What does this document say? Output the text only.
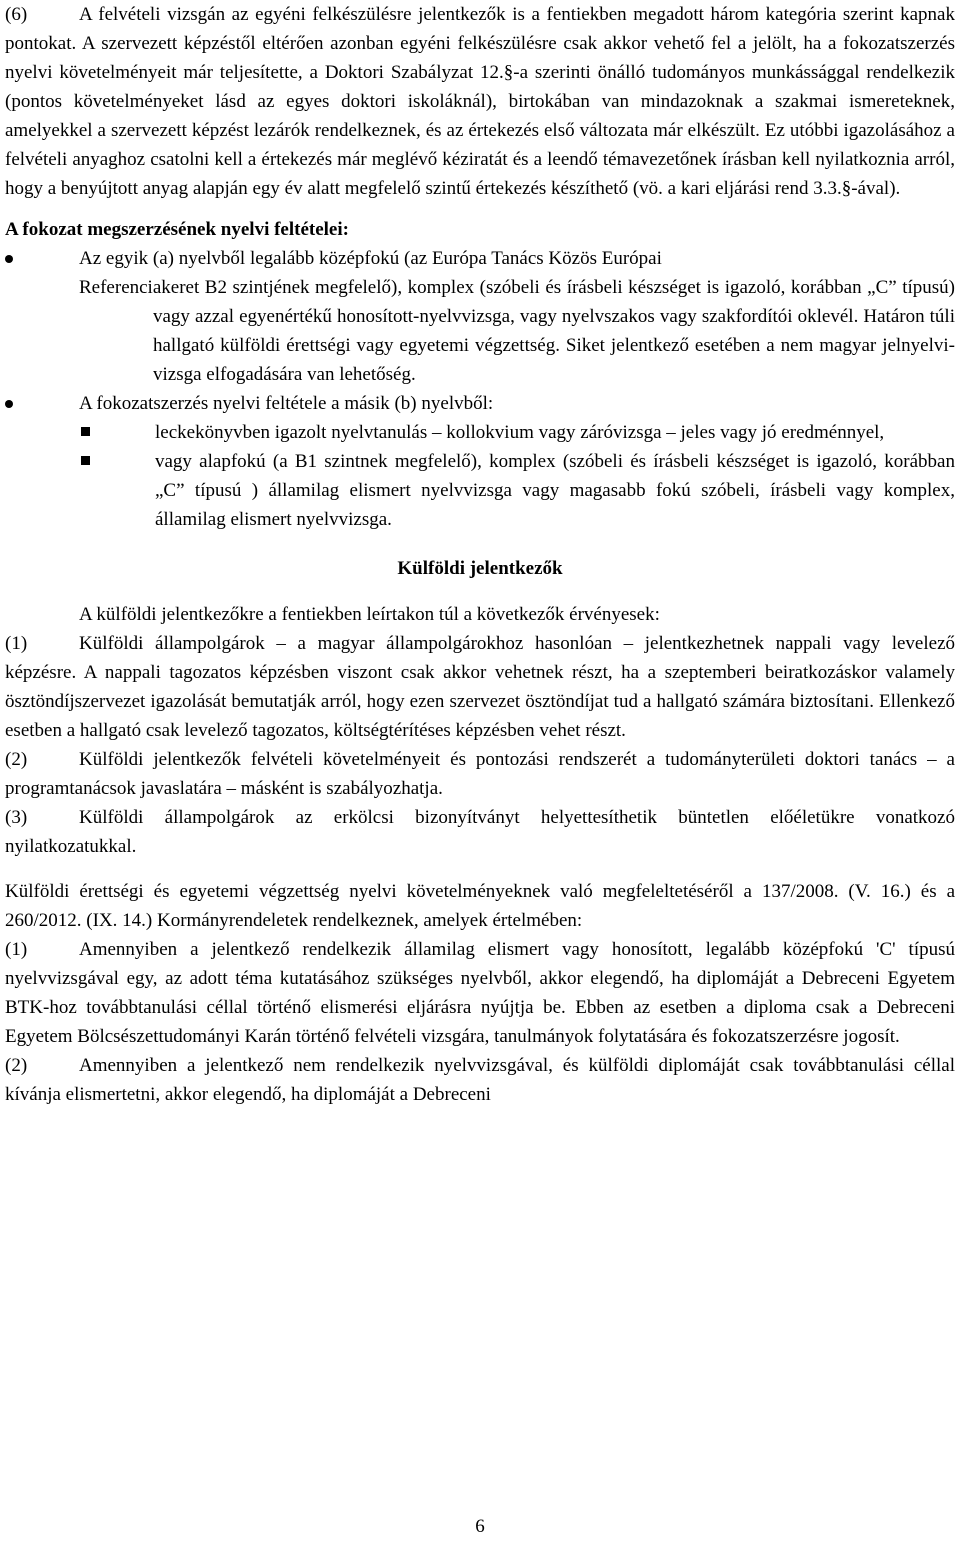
(6)	A felvételi vizsgán az egyéni felkészülésre jelentkezők is a fentiekben megadott három kategória szerint kapnak pontokat. A szervezett képzéstől eltérően azonban egyéni felkészülésre csak akkor vehető fel a jelölt, ha a fokozatszerzés nyelvi követelményeit már teljesítette, a Doktori Szabályzat 12.§-a szerinti önálló tudományos munkássággal rendelkezik (pontos követelményeket lásd az egyes doktori iskoláknál), birtokában van mindazoknak a szakmai ismereteknek, amelyekkel a szervezett képzést lezárók rendelkeznek, és az értekezés első változata már elkészült. Ez utóbbi igazolásához a felvételi anyaghoz csatolni kell a értekezés már meglévő kéziratát és a leendő témavezetőnek írásban kell nyilatkoznia arról, hogy a benyújtott anyag alapján egy év alatt megfelelő szintű értekezés készíthető (vö. a kari eljárási rend 3.3.§-ával).

A fokozat megszerzésének nyelvi feltételei:

Az egyik (a) nyelvből legalább középfokú (az Európa Tanács Közös Európai
Referenciakeret B2 szintjének megfelelő), komplex (szóbeli és írásbeli készséget is igazoló, korábban „C” típusú) vagy azzal egyenértékű honosított-nyelvvizsga, vagy nyelvszakos vagy szakfordítói oklevél. Határon túli hallgató külföldi érettségi vagy egyetemi végzettség. Siket jelentkező esetében a nem magyar jelnyelvi-vizsga elfogadására van lehetőség.
A fokozatszerzés nyelvi feltétele a másik (b) nyelvből:
leckekönyvben igazolt nyelvtanulás – kollokvium vagy záróvizsga – jeles vagy jó eredménnyel,
vagy alapfokú (a B1 szintnek megfelelő), komplex (szóbeli és írásbeli készséget is igazoló, korábban „C” típusú ) államilag elismert nyelvvizsga vagy magasabb fokú szóbeli, írásbeli vagy komplex, államilag elismert nyelvvizsga.

Külföldi jelentkezők

A külföldi jelentkezőkre a fentiekben leírtakon túl a következők érvényesek:

(1)	Külföldi állampolgárok – a magyar állampolgárokhoz hasonlóan – jelentkezhetnek nappali vagy levelező képzésre. A nappali tagozatos képzésben viszont csak akkor vehetnek részt, ha a szeptemberi beiratkozáskor valamely ösztöndíjszervezet igazolását bemutatják arról, hogy ezen szervezet ösztöndíjat tud a hallgató számára biztosítani. Ellenkező esetben a hallgató csak levelező tagozatos, költségtérítéses képzésben vehet részt.

(2)	Külföldi jelentkezők felvételi követelményeit és pontozási rendszerét a tudományterületi doktori tanács – a programtanácsok javaslatára – másként is szabályozhatja.

(3)	Külföldi állampolgárok az erkölcsi bizonyítványt helyettesíthetik büntetlen előéletükre vonatkozó nyilatkozatukkal.

Külföldi érettségi és egyetemi végzettség nyelvi követelményeknek való megfeleltetéséről a 137/2008. (V. 16.) és a 260/2012. (IX. 14.) Kormányrendeletek rendelkeznek, amelyek értelmében:

(1)	Amennyiben a jelentkező rendelkezik államilag elismert vagy honosított, legalább középfokú 'C' típusú nyelvvizsgával egy, az adott téma kutatásához szükséges nyelvből, akkor elegendő, ha diplomáját a Debreceni Egyetem BTK-hoz továbbtanulási céllal történő elismerési eljárásra nyújtja be. Ebben az esetben a diploma csak a Debreceni Egyetem Bölcsészettudományi Karán történő felvételi vizsgára, tanulmányok folytatására és fokozatszerzésre jogosít.

(2)	Amennyiben a jelentkező nem rendelkezik nyelvvizsgával, és külföldi diplomáját csak továbbtanulási céllal kívánja elismertetni, akkor elegendő, ha diplomáját a Debreceni

6
